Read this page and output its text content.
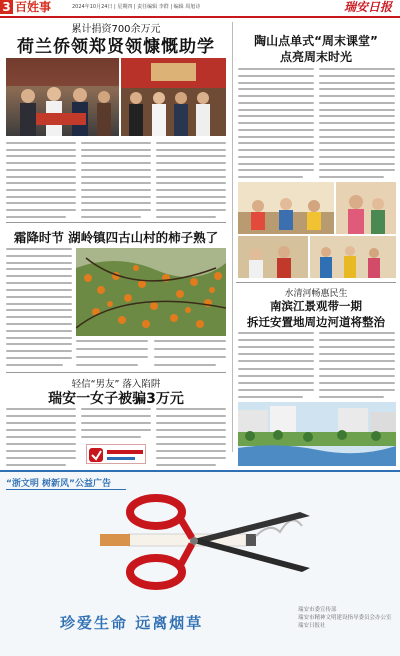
3 百姓事	2024年10月24日 | 星期四 | 责任编辑 李群 | 编辑 周旭诗	瑞安日报
累计捐资700余万元
荷兰侨领郑贤领慷慨助学
霜降时节 湖岭镇四古山村的柿子熟了
轻信“男友” 落入陷阱
瑞安一女子被骗3万元
陶山点单式“周末课堂”
点亮周末时光
水清河畅惠民生
南滨江景观带一期
拆迁安置地周边河道将整治
“浙文明 树新风”公益广告
珍爱生命 远离烟草
瑞安市委宣传部
瑞安市精神文明建设指导委员会办公室
瑞安日报社
